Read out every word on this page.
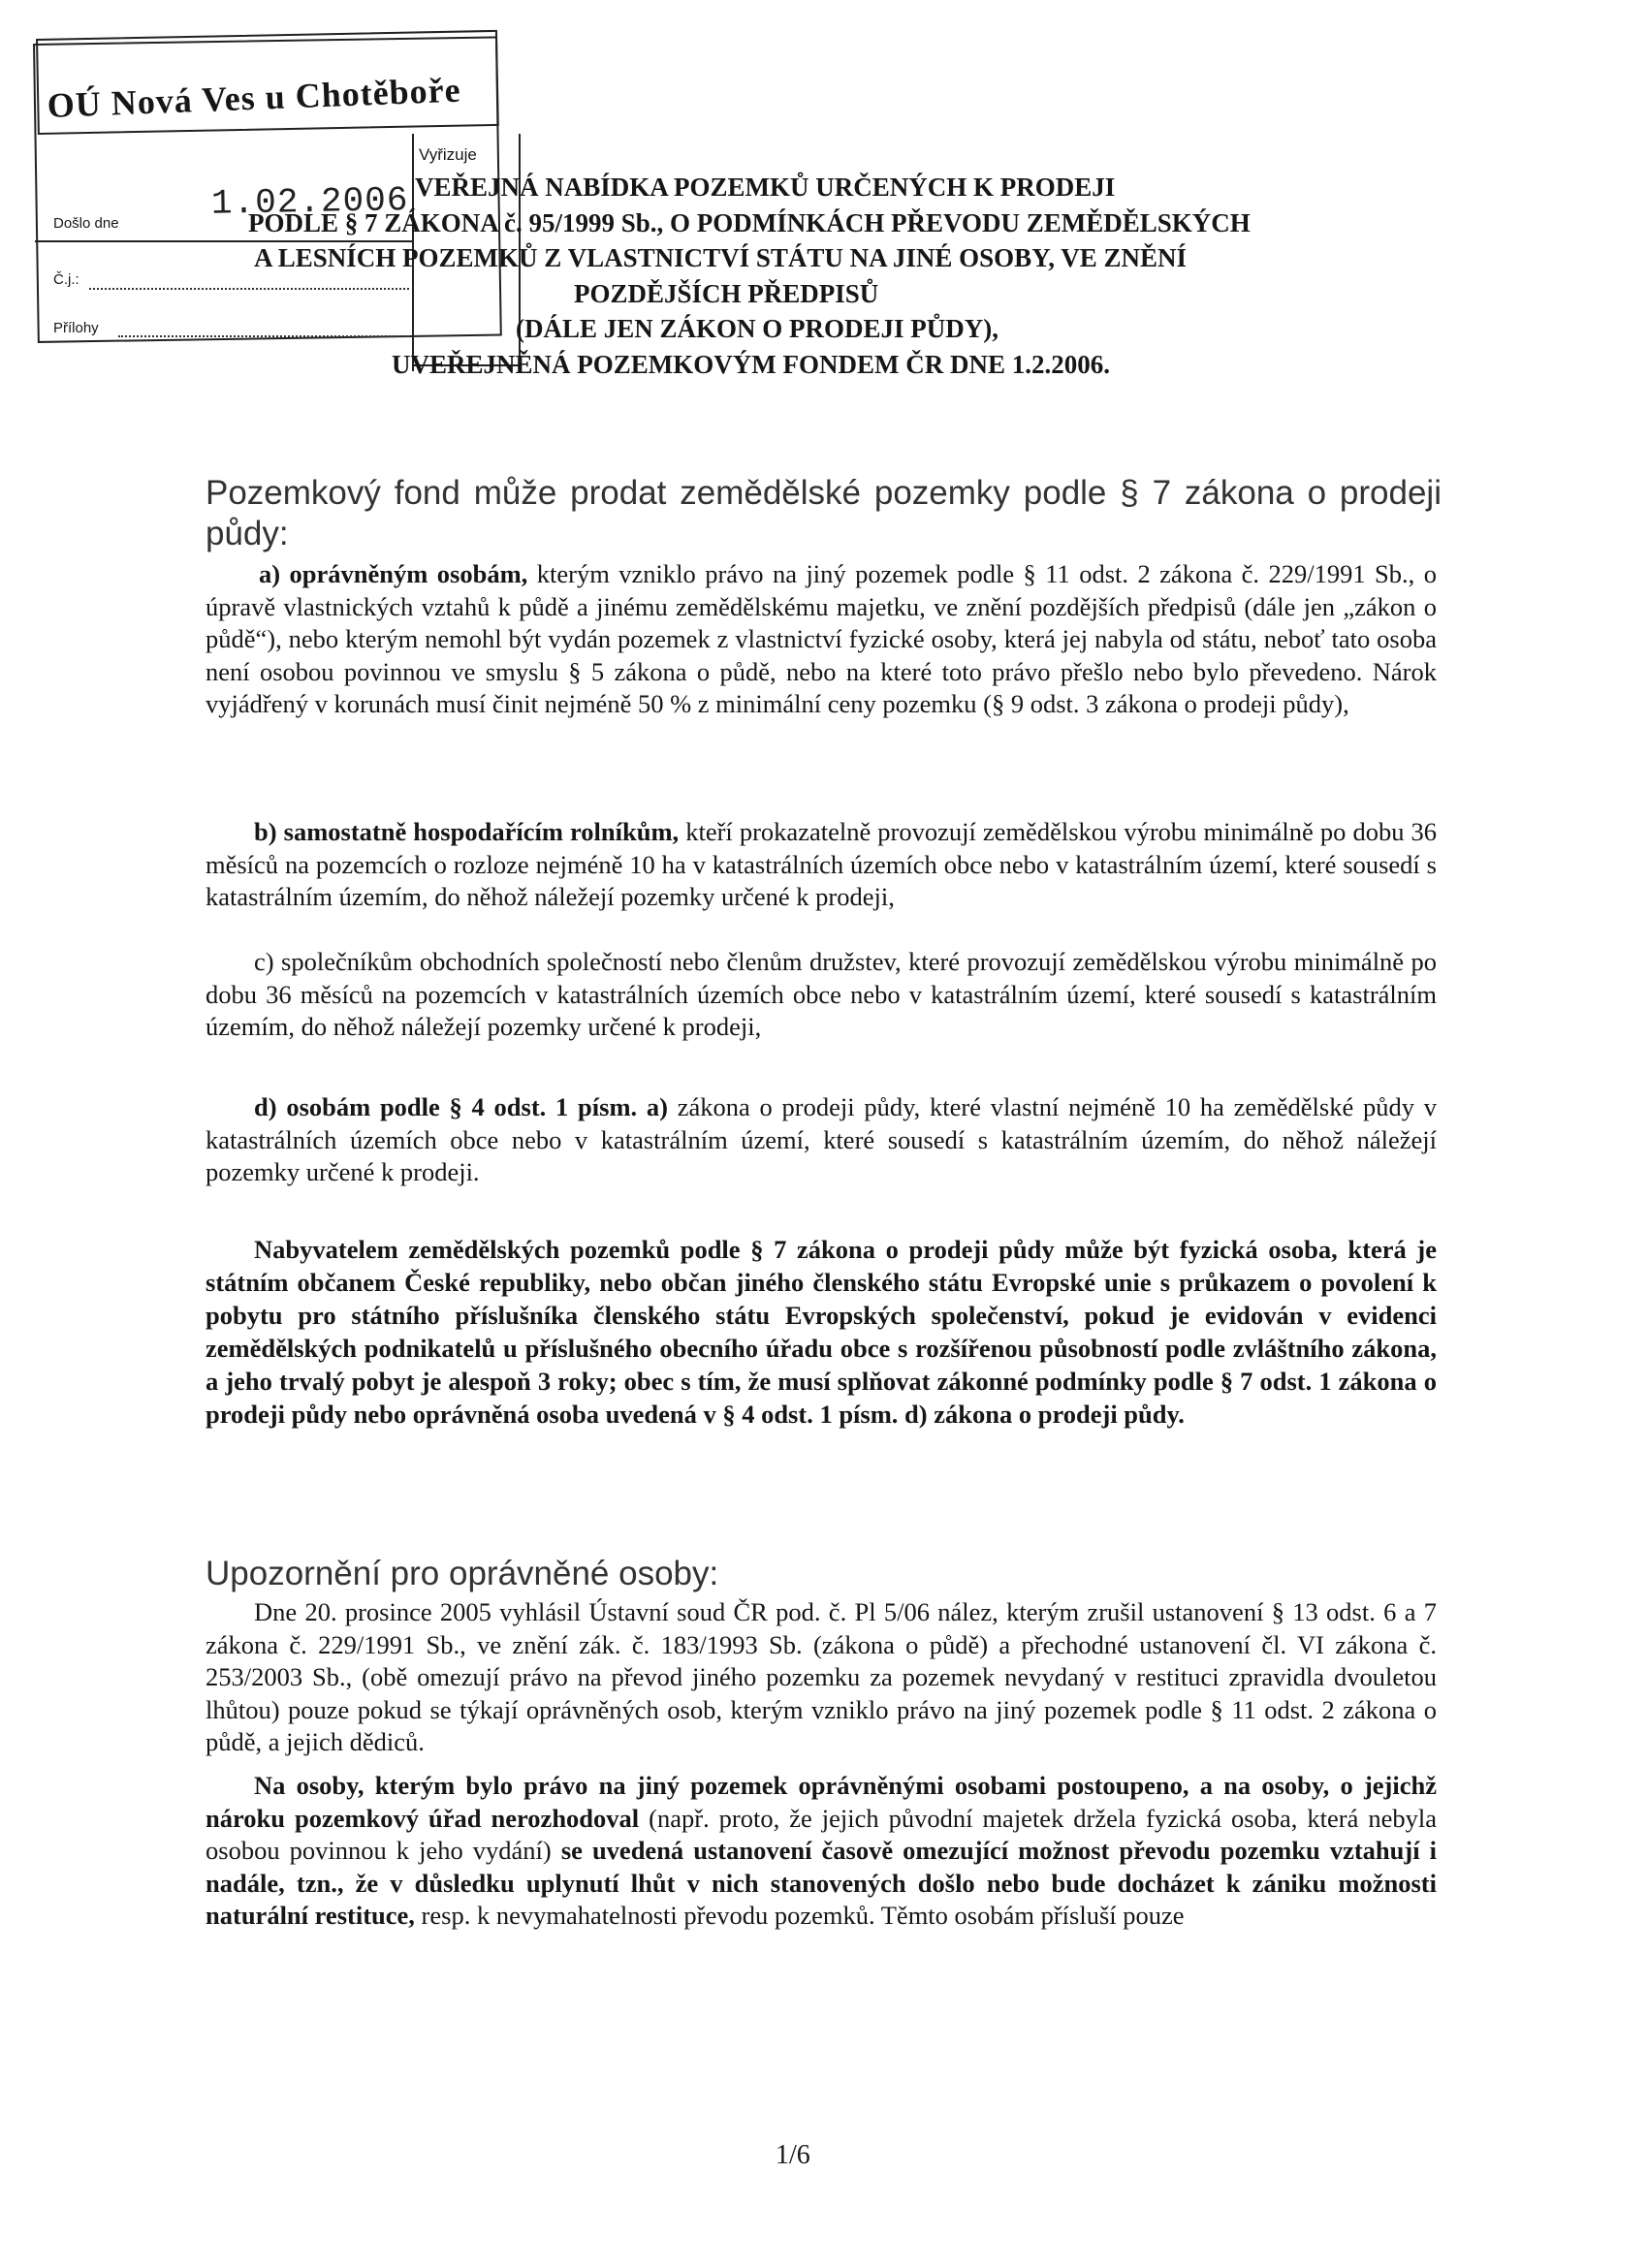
OÚ Nová Ves u Chotěboře
Vyřizuje
Došlo dne	1.02.2006
Č.j.:
Přílohy
VEŘEJNÁ NABÍDKA POZEMKŮ URČENÝCH K PRODEJI
PODLE § 7 ZÁKONA č. 95/1999 Sb., O PODMÍNKÁCH PŘEVODU ZEMĚDĚLSKÝCH
A LESNÍCH POZEMKŮ Z VLASTNICTVÍ STÁTU NA JINÉ OSOBY, VE ZNĚNÍ
POZDĚJŠÍCH PŘEDPISŮ
(DÁLE JEN ZÁKON O PRODEJI PŮDY),
UVEŘEJNĚNÁ POZEMKOVÝM FONDEM ČR DNE 1.2.2006.
Pozemkový fond může prodat zemědělské pozemky podle § 7 zákona o prodeji půdy:
a) oprávněným osobám, kterým vzniklo právo na jiný pozemek podle § 11 odst. 2 zákona č. 229/1991 Sb., o úpravě vlastnických vztahů k půdě a jinému zemědělskému majetku, ve znění pozdějších předpisů (dále jen „zákon o půdě“), nebo kterým nemohl být vydán pozemek z vlastnictví fyzické osoby, která jej nabyla od státu, neboť tato osoba není osobou povinnou ve smyslu § 5 zákona o půdě, nebo na které toto právo přešlo nebo bylo převedeno. Nárok vyjádřený v korunách musí činit nejméně 50 % z minimální ceny pozemku (§ 9 odst. 3 zákona o prodeji půdy),
b) samostatně hospodařícím rolníkům, kteří prokazatelně provozují zemědělskou výrobu minimálně po dobu 36 měsíců na pozemcích o rozloze nejméně 10 ha v katastrálních územích obce nebo v katastrálním území, které sousedí s katastrálním územím, do něhož náležejí pozemky určené k prodeji,
c) společníkům obchodních společností nebo členům družstev, které provozují zemědělskou výrobu minimálně po dobu 36 měsíců na pozemcích v katastrálních územích obce nebo v katastrálním území, které sousedí s katastrálním územím, do něhož náležejí pozemky určené k prodeji,
d) osobám podle § 4 odst. 1 písm. a) zákona o prodeji půdy, které vlastní nejméně 10 ha zemědělské půdy v katastrálních územích obce nebo v katastrálním území, které sousedí s katastrálním územím, do něhož náležejí pozemky určené k prodeji.
Nabyvatelem zemědělských pozemků podle § 7 zákona o prodeji půdy může být fyzická osoba, která je státním občanem České republiky, nebo občan jiného členského státu Evropské unie s průkazem o povolení k pobytu pro státního příslušníka členského státu Evropských společenství, pokud je evidován v evidenci zemědělských podnikatelů u příslušného obecního úřadu obce s rozšířenou působností podle zvláštního zákona, a jeho trvalý pobyt je alespoň 3 roky; obec s tím, že musí splňovat zákonné podmínky podle § 7 odst. 1 zákona o prodeji půdy nebo oprávněná osoba uvedená v § 4 odst. 1 písm. d) zákona o prodeji půdy.
Upozornění pro oprávněné osoby:
Dne 20. prosince 2005 vyhlásil Ústavní soud ČR pod. č. Pl 5/06 nález, kterým zrušil ustanovení § 13 odst. 6 a 7 zákona č. 229/1991 Sb., ve znění zák. č. 183/1993 Sb. (zákona o půdě) a přechodné ustanovení čl. VI zákona č. 253/2003 Sb., (obě omezují právo na převod jiného pozemku za pozemek nevydaný v restituci zpravidla dvouletou lhůtou) pouze pokud se týkají oprávněných osob, kterým vzniklo právo na jiný pozemek podle § 11 odst. 2 zákona o půdě, a jejich dědiců.
Na osoby, kterým bylo právo na jiný pozemek oprávněnými osobami postoupeno, a na osoby, o jejichž nároku pozemkový úřad nerozhodoval (např. proto, že jejich původní majetek držela fyzická osoba, která nebyla osobou povinnou k jeho vydání) se uvedená ustanovení časově omezující možnost převodu pozemku vztahují i nadále, tzn., že v důsledku uplynutí lhůt v nich stanovených došlo nebo bude docházet k zániku možnosti naturální restituce, resp. k nevymahatelnosti převodu pozemků. Těmto osobám přísluší pouze
1/6
